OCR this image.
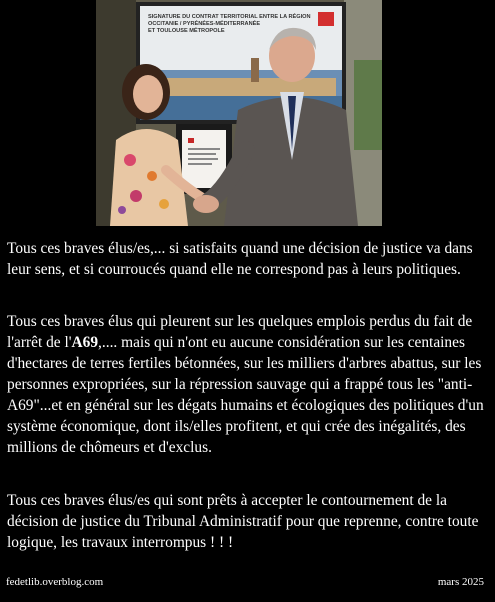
SIGNATURE DU CONTRAT TERRITORIAL ENTRE LA RÉGION
OCCITANIE / PYRÉNÉES-MÉDITERRANÉE
ET TOULOUSE MÉTROPOLE

Tous ces braves élus/es,... si satisfaits quand une décision de justice va dans leur sens, et si courroucés quand elle ne correspond pas à leurs politiques.

Tous ces braves élus qui pleurent sur les quelques emplois perdus du fait de l'arrêt de l'A69,.... mais qui n'ont eu aucune considération sur les centaines d'hectares de terres fertiles bétonnées, sur les milliers d'arbres abattus, sur les personnes expropriées, sur la répression sauvage qui a frappé tous les "anti-A69"...et en général sur les dégats humains et écologiques des politiques d'un système économique, dont ils/elles profitent, et qui crée des inégalités, des millions de chômeurs et d'exclus.

Tous ces braves élus/es qui sont prêts à accepter le contournement de la décision de justice du Tribunal Administratif pour que reprenne, contre toute logique, les travaux interrompus ! ! !

fedetlib.overblog.com	mars 2025
